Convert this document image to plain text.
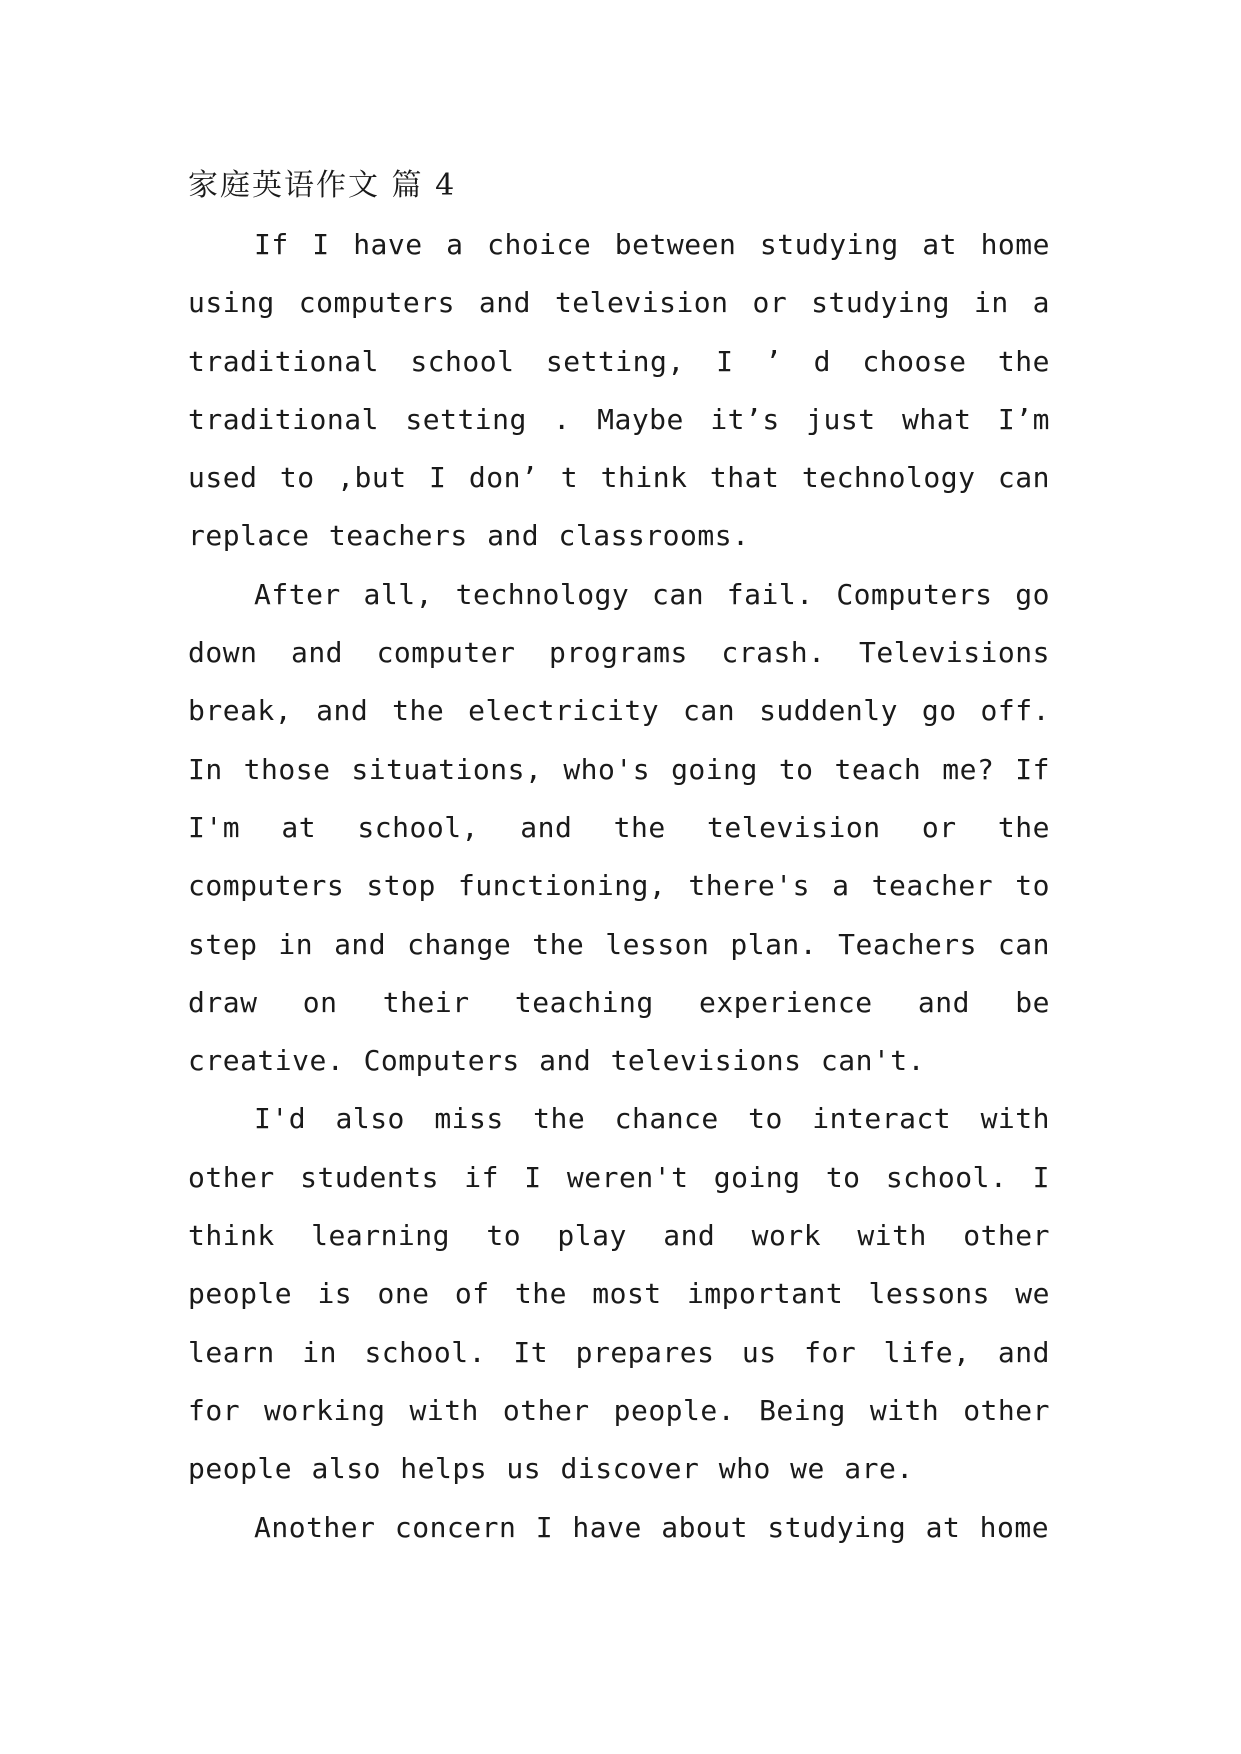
家庭英语作文 篇 4

If I have a choice between studying at home using computers and television or studying in a traditional school setting, I ’ d choose the traditional setting . Maybe it’s just what I’m used to ,but I don’ t think that technology can replace teachers and classrooms.

After all, technology can fail. Computers go down and computer programs crash. Televisions break, and the electricity can suddenly go off. In those situations, who's going to teach me? If I'm at school, and the television or the computers stop functioning, there's a teacher to step in and change the lesson plan. Teachers can draw on their teaching experience and be creative. Computers and televisions can't.

I'd also miss the chance to interact with other students if I weren't going to school. I think learning to play and work with other people is one of the most important lessons we learn in school. It prepares us for life, and for working with other people. Being with other people also helps us discover who we are.

Another concern I have about studying at home
